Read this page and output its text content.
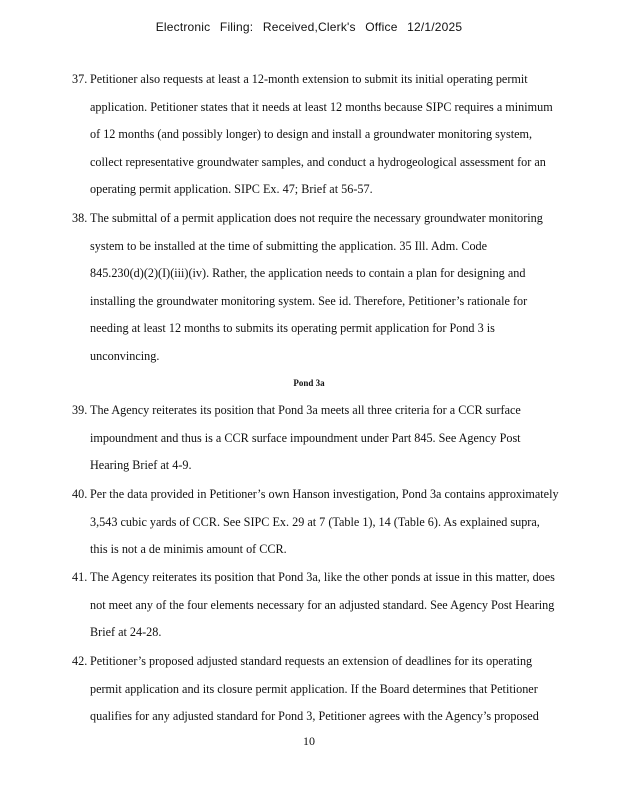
Electronic Filing: Received,Clerk's Office 12/1/2025
37. Petitioner also requests at least a 12-month extension to submit its initial operating permit
application. Petitioner states that it needs at least 12 months because SIPC requires a minimum
of 12 months (and possibly longer) to design and install a groundwater monitoring system,
collect representative groundwater samples, and conduct a hydrogeological assessment for an
operating permit application. SIPC Ex. 47; Brief at 56-57.
38. The submittal of a permit application does not require the necessary groundwater monitoring
system to be installed at the time of submitting the application. 35 Ill. Adm. Code
845.230(d)(2)(I)(iii)(iv). Rather, the application needs to contain a plan for designing and
installing the groundwater monitoring system. See id. Therefore, Petitioner’s rationale for
needing at least 12 months to submits its operating permit application for Pond 3 is
unconvincing.
Pond 3a
39. The Agency reiterates its position that Pond 3a meets all three criteria for a CCR surface
impoundment and thus is a CCR surface impoundment under Part 845. See Agency Post
Hearing Brief at 4-9.
40. Per the data provided in Petitioner’s own Hanson investigation, Pond 3a contains approximately
3,543 cubic yards of CCR. See SIPC Ex. 29 at 7 (Table 1), 14 (Table 6). As explained supra,
this is not a de minimis amount of CCR.
41. The Agency reiterates its position that Pond 3a, like the other ponds at issue in this matter, does
not meet any of the four elements necessary for an adjusted standard. See Agency Post Hearing
Brief at 24-28.
42. Petitioner’s proposed adjusted standard requests an extension of deadlines for its operating
permit application and its closure permit application. If the Board determines that Petitioner
qualifies for any adjusted standard for Pond 3, Petitioner agrees with the Agency’s proposed
10
